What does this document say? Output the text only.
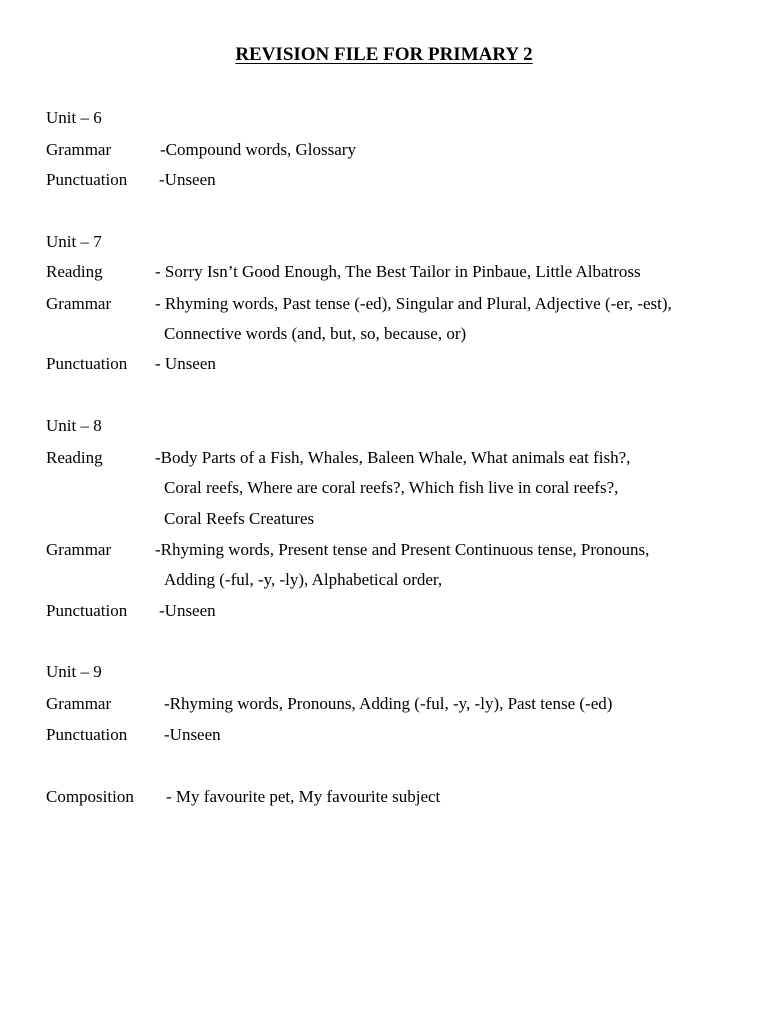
REVISION FILE FOR PRIMARY 2
Unit – 6
Grammar	-Compound words, Glossary
Punctuation -Unseen
Unit – 7
Reading	- Sorry Isn’t Good Enough, The Best Tailor in Pinbaue, Little Albatross
Grammar	- Rhyming words, Past tense (-ed), Singular and Plural, Adjective (-er, -est),
Connective words (and, but, so, because, or)
Punctuation - Unseen
Unit – 8
Reading	-Body Parts of a Fish, Whales, Baleen Whale, What animals eat fish?,
Coral reefs, Where are coral reefs?, Which fish live in coral reefs?,
Coral Reefs Creatures
Grammar	-Rhyming words, Present tense and Present Continuous tense, Pronouns,
Adding (-ful, -y, -ly), Alphabetical order,
Punctuation -Unseen
Unit – 9
Grammar	-Rhyming words, Pronouns, Adding (-ful, -y, -ly), Past tense (-ed)
Punctuation -Unseen
Composition - My favourite pet, My favourite subject
